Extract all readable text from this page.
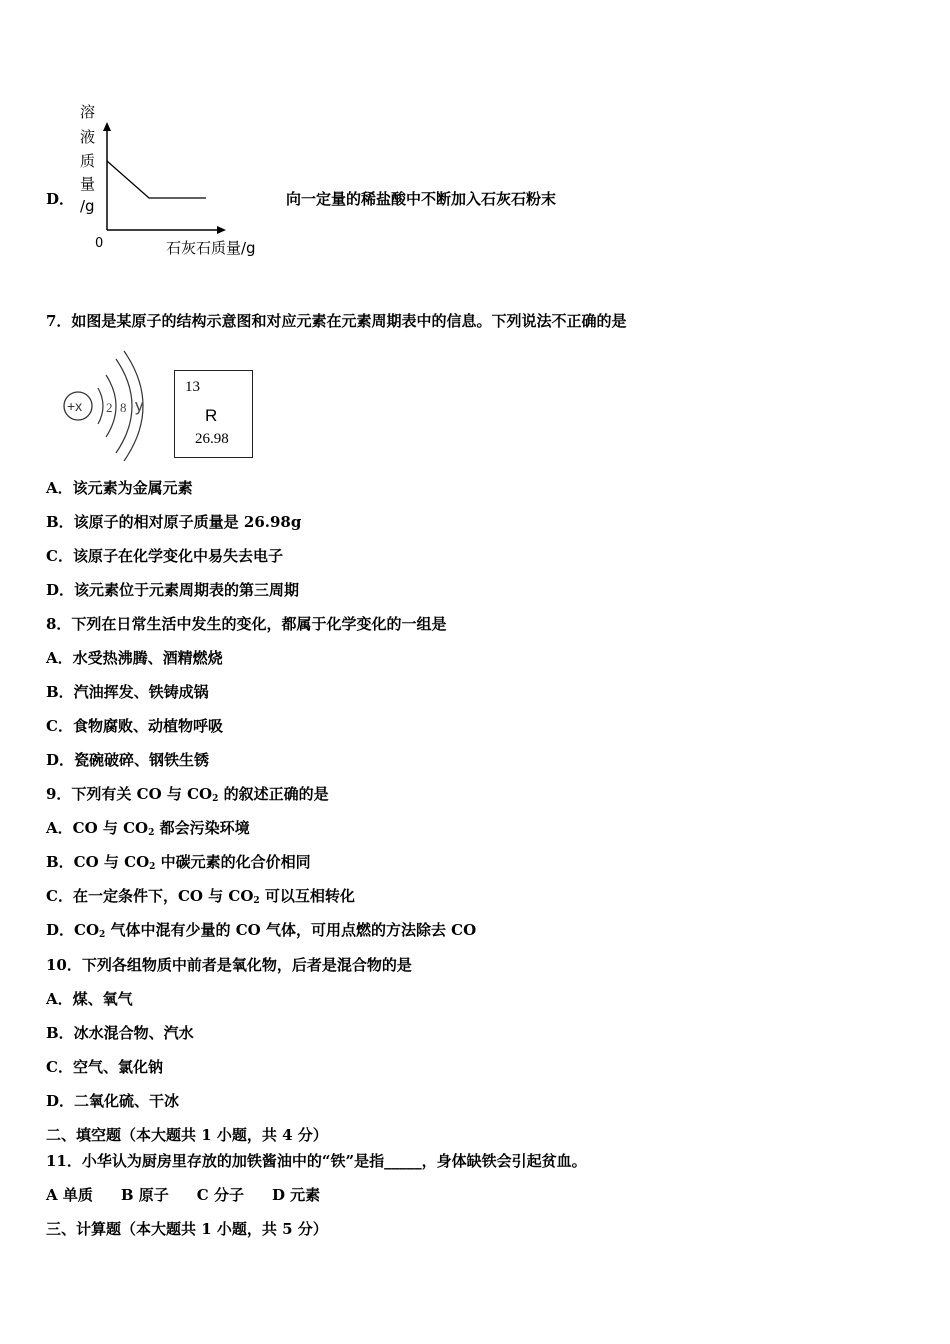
D．
溶
液
质
量
/g
0	石灰石质量/g
向一定量的稀盐酸中不断加入石灰石粉末
7．如图是某原子的结构示意图和对应元素在元素周期表中的信息。下列说法不正确的是
+x 2 8 y
13
R
26.98
A．该元素为金属元素
B．该原子的相对原子质量是 26.98g
C．该原子在化学变化中易失去电子
D．该元素位于元素周期表的第三周期
8．下列在日常生活中发生的变化，都属于化学变化的一组是
A．水受热沸腾、酒精燃烧
B．汽油挥发、铁铸成锅
C．食物腐败、动植物呼吸
D．瓷碗破碎、钢铁生锈
9．下列有关 CO 与 $CO_2$ 的叙述正确的是
A．CO 与 $CO_2$ 都会污染环境
B．CO 与 $CO_2$ 中碳元素的化合价相同
C．在一定条件下，CO 与 $CO_2$ 可以互相转化
D．$CO_2$ 气体中混有少量的 CO 气体，可用点燃的方法除去 CO
10．下列各组物质中前者是氧化物，后者是混合物的是
A．煤、氧气
B．冰水混合物、汽水
C．空气、氯化钠
D．二氧化硫、干冰
二、填空题（本大题共 1 小题，共 4 分）
11．小华认为厨房里存放的加铁酱油中的“铁”是指_____，身体缺铁会引起贫血。
A 单质 B 原子 C 分子 D 元素
三、计算题（本大题共 1 小题，共 5 分）
